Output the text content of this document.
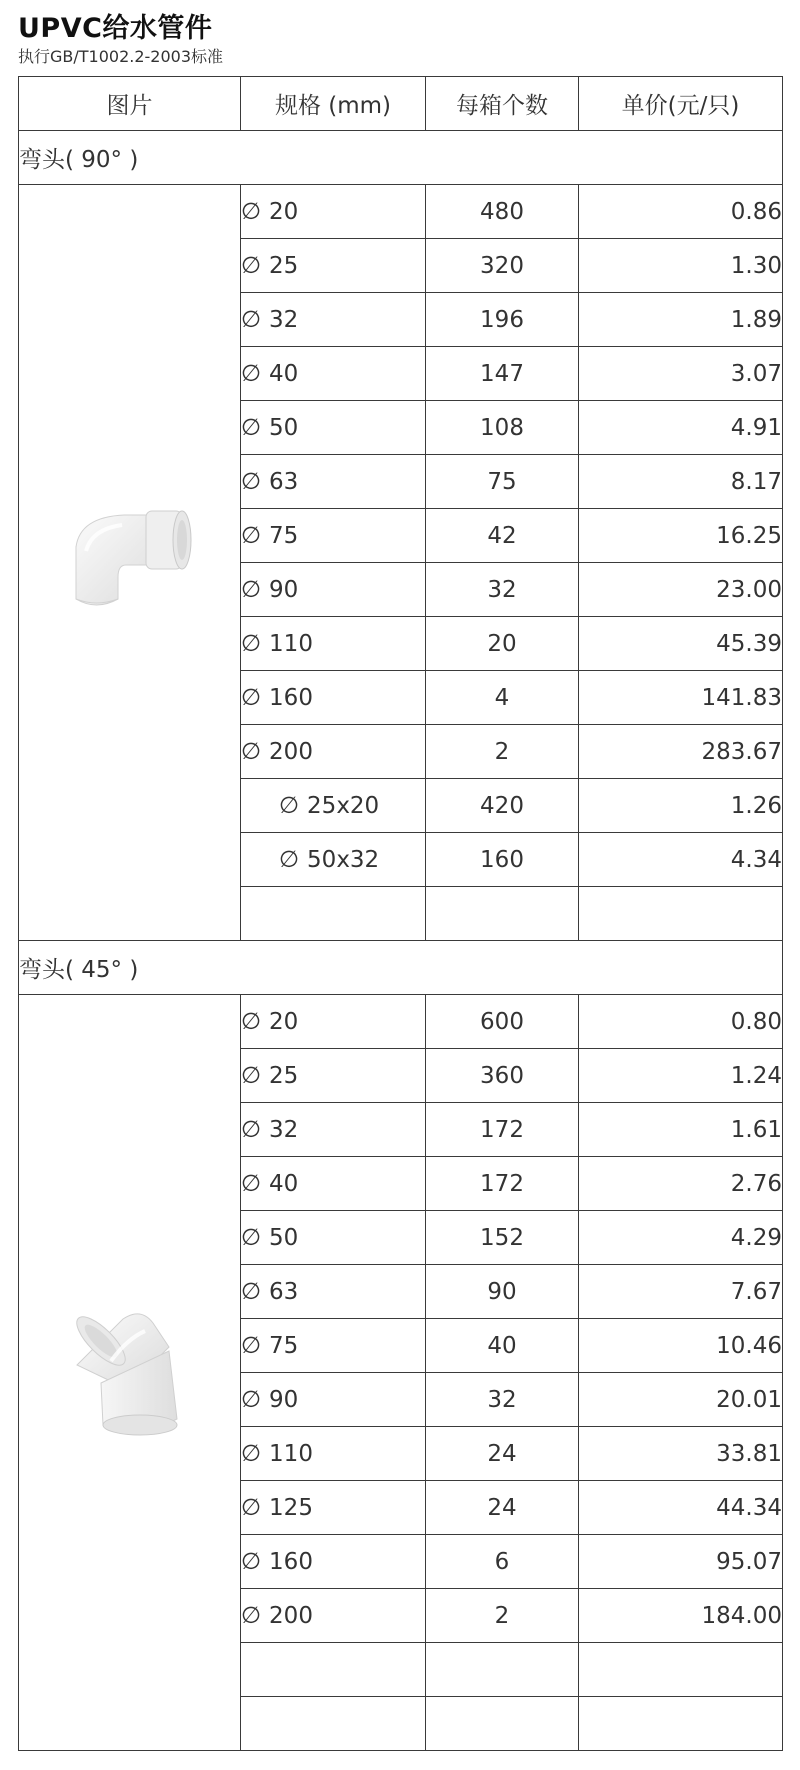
UPVC给水管件
执行GB/T1002.2-2003标准
图片	规格 (mm)	每箱个数	单价(元/只)
弯头( 90° )			
	∅ 20	480	0.86
	∅ 25	320	1.30
	∅ 32	196	1.89
	∅ 40	147	3.07
	∅ 50	108	4.91
	∅ 63	75	8.17
	∅ 75	42	16.25
	∅ 90	32	23.00
	∅ 110	20	45.39
	∅ 160	4	141.83
	∅ 200	2	283.67
	∅ 25x20	420	1.26
	∅ 50x32	160	4.34

弯头( 45° )			
	∅ 20	600	0.80
	∅ 25	360	1.24
	∅ 32	172	1.61
	∅ 40	172	2.76
	∅ 50	152	4.29
	∅ 63	90	7.67
	∅ 75	40	10.46
	∅ 90	32	20.01
	∅ 110	24	33.81
	∅ 125	24	44.34
	∅ 160	6	95.07
	∅ 200	2	184.00
